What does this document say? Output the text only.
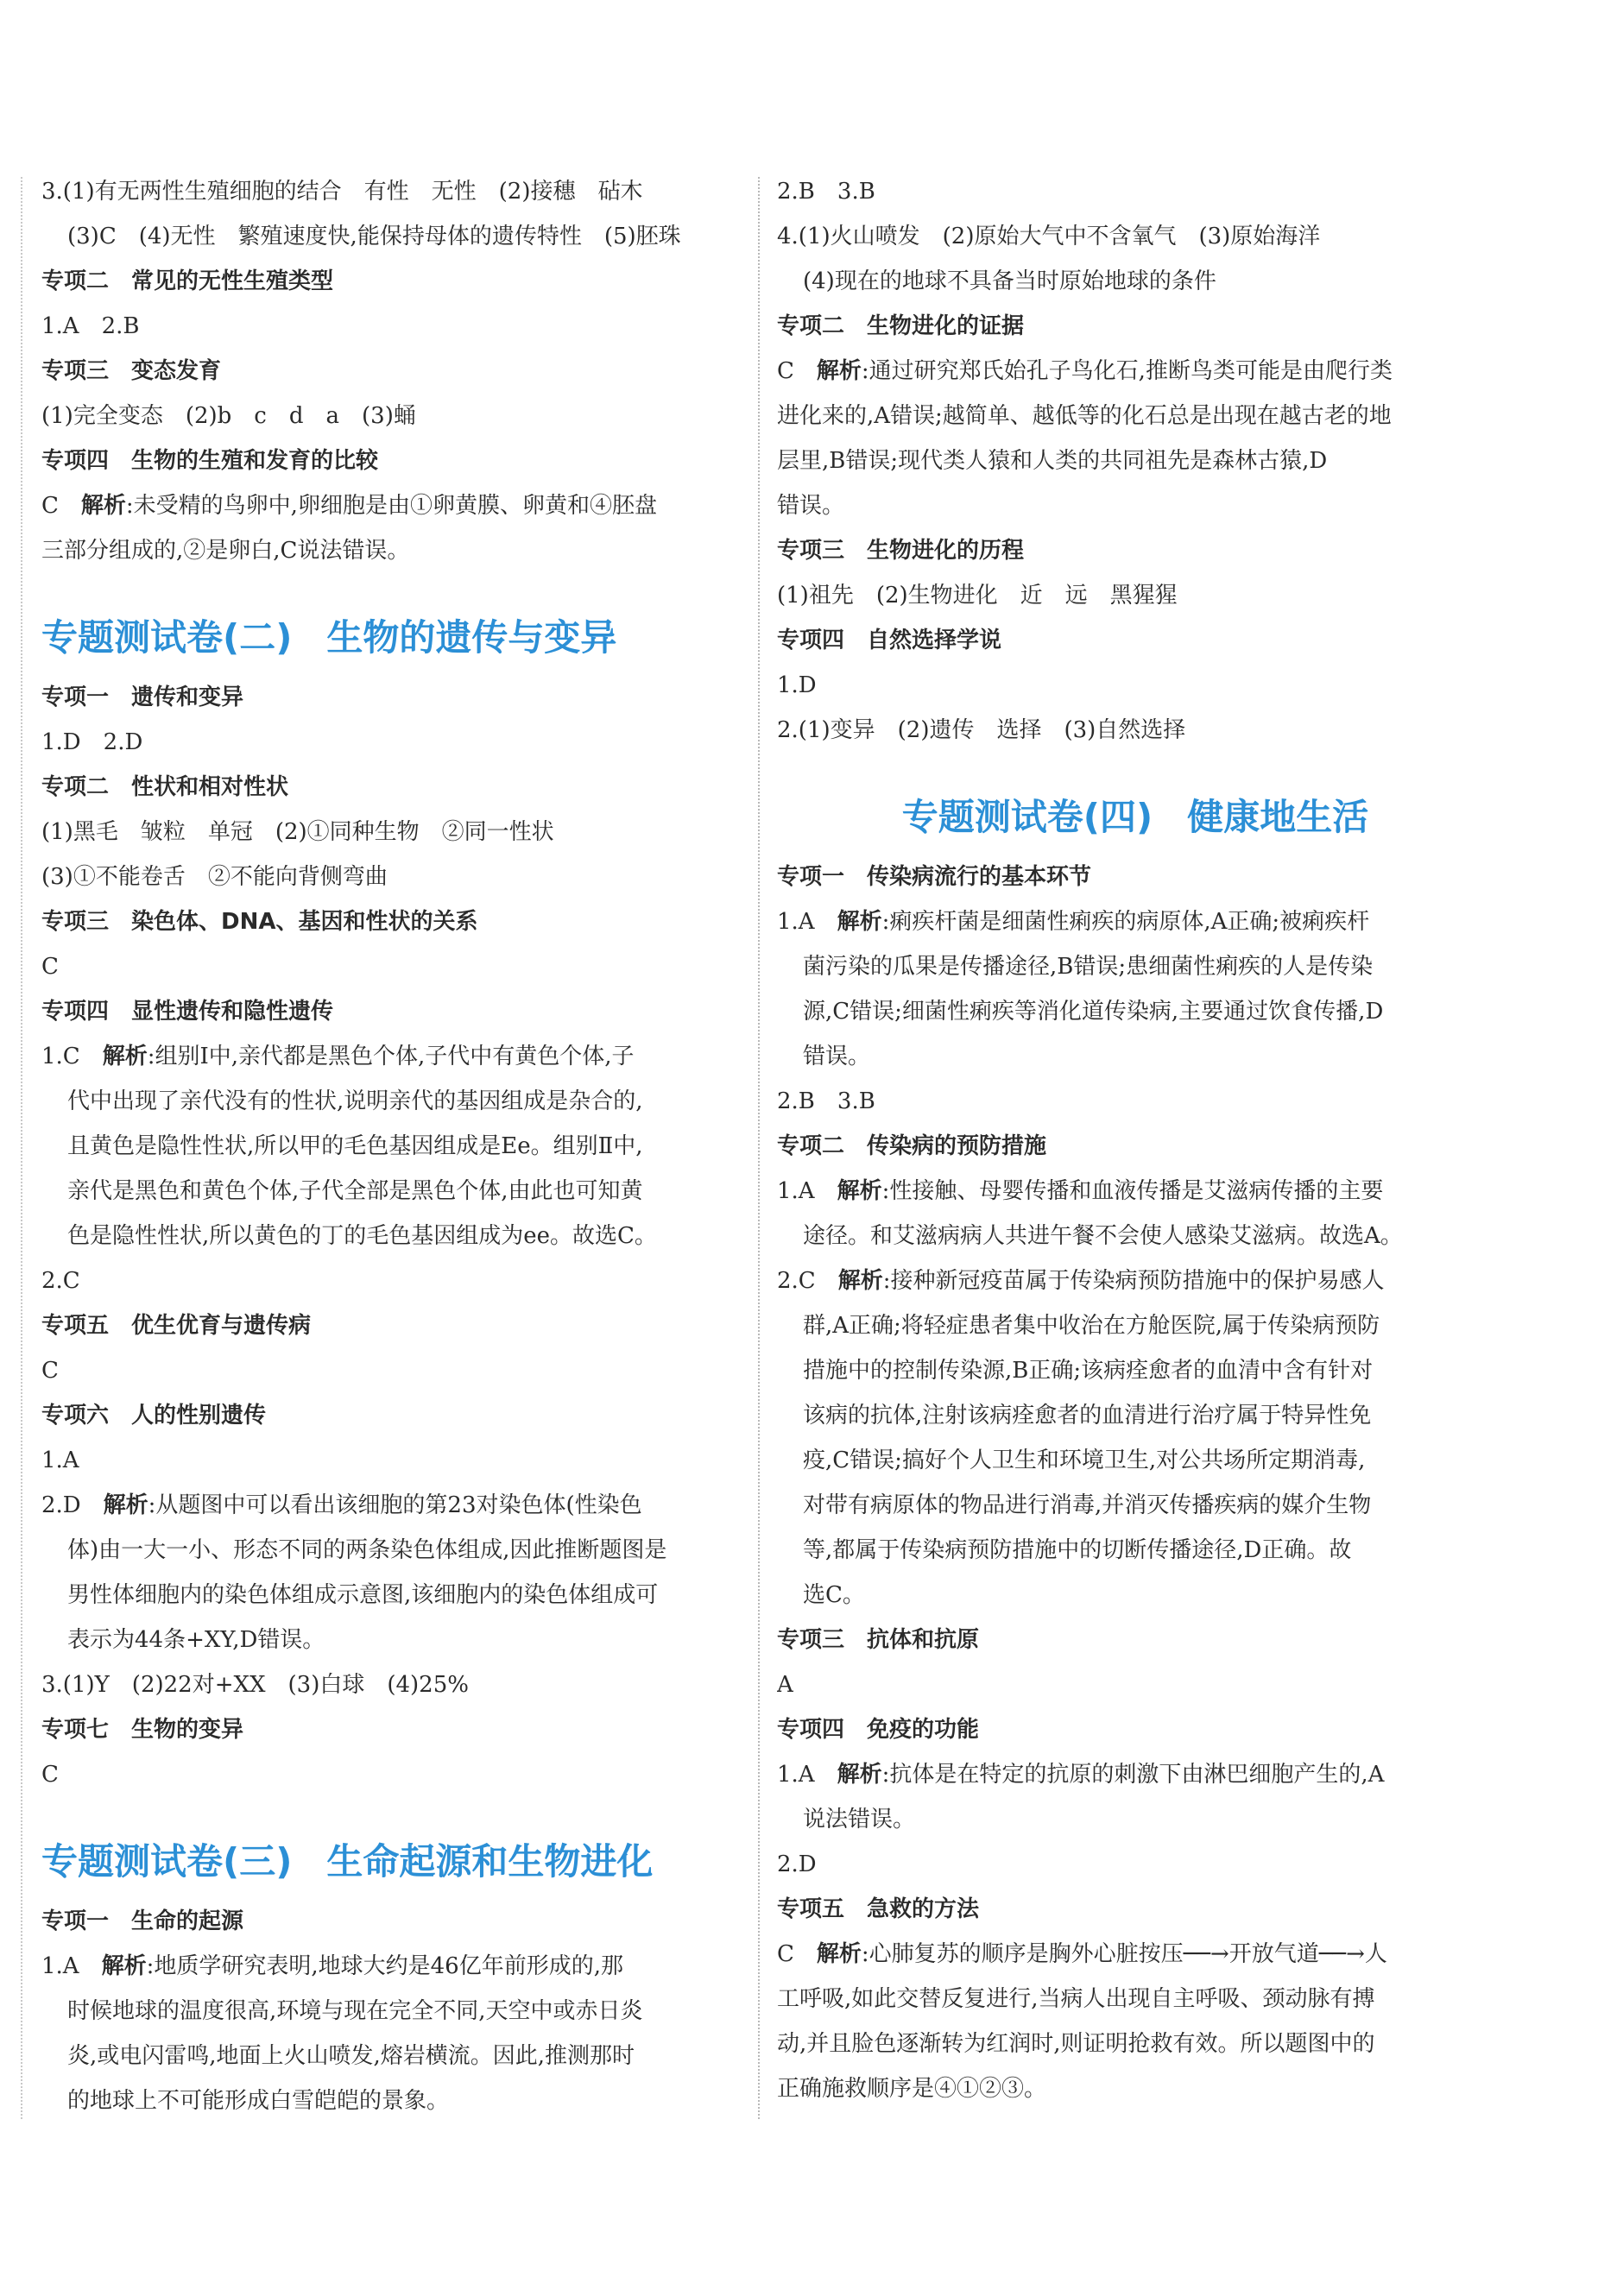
3.(1)有无两性生殖细胞的结合　有性　无性　(2)接穗　砧木
(3)C　(4)无性　繁殖速度快,能保持母体的遗传特性　(5)胚珠
专项二　常见的无性生殖类型
1.A　2.B
专项三　变态发育
(1)完全变态　(2)b　c　d　a　(3)蛹
专项四　生物的生殖和发育的比较
C　解析:未受精的鸟卵中,卵细胞是由①卵黄膜、卵黄和④胚盘
三部分组成的,②是卵白,C说法错误。
专题测试卷(二) 生物的遗传与变异
专项一　遗传和变异
1.D　2.D
专项二　性状和相对性状
(1)黑毛　皱粒　单冠　(2)①同种生物　②同一性状
(3)①不能卷舌　②不能向背侧弯曲
专项三　染色体、DNA、基因和性状的关系
C
专项四　显性遗传和隐性遗传
1.C　解析:组别Ⅰ中,亲代都是黑色个体,子代中有黄色个体,子
代中出现了亲代没有的性状,说明亲代的基因组成是杂合的,
且黄色是隐性性状,所以甲的毛色基因组成是Ee。组别Ⅱ中,
亲代是黑色和黄色个体,子代全部是黑色个体,由此也可知黄
色是隐性性状,所以黄色的丁的毛色基因组成为ee。故选C。
2.C
专项五　优生优育与遗传病
C
专项六　人的性别遗传
1.A
2.D　解析:从题图中可以看出该细胞的第23对染色体(性染色
体)由一大一小、形态不同的两条染色体组成,因此推断题图是
男性体细胞内的染色体组成示意图,该细胞内的染色体组成可
表示为44条+XY,D错误。
3.(1)Y　(2)22对+XX　(3)白球　(4)25%
专项七　生物的变异
C
专题测试卷(三) 生命起源和生物进化
专项一　生命的起源
1.A　解析:地质学研究表明,地球大约是46亿年前形成的,那
时候地球的温度很高,环境与现在完全不同,天空中或赤日炎
炎,或电闪雷鸣,地面上火山喷发,熔岩横流。因此,推测那时
的地球上不可能形成白雪皑皑的景象。
2.B　3.B
4.(1)火山喷发　(2)原始大气中不含氧气　(3)原始海洋
(4)现在的地球不具备当时原始地球的条件
专项二　生物进化的证据
C　解析:通过研究郑氏始孔子鸟化石,推断鸟类可能是由爬行类
进化来的,A错误;越简单、越低等的化石总是出现在越古老的地
层里,B错误;现代类人猿和人类的共同祖先是森林古猿,D
错误。
专项三　生物进化的历程
(1)祖先　(2)生物进化　近　远　黑猩猩
专项四　自然选择学说
1.D
2.(1)变异　(2)遗传　选择　(3)自然选择
专题测试卷(四) 健康地生活
专项一　传染病流行的基本环节
1.A　解析:痢疾杆菌是细菌性痢疾的病原体,A正确;被痢疾杆
菌污染的瓜果是传播途径,B错误;患细菌性痢疾的人是传染
源,C错误;细菌性痢疾等消化道传染病,主要通过饮食传播,D
错误。
2.B　3.B
专项二　传染病的预防措施
1.A　解析:性接触、母婴传播和血液传播是艾滋病传播的主要
途径。和艾滋病病人共进午餐不会使人感染艾滋病。故选A。
2.C　解析:接种新冠疫苗属于传染病预防措施中的保护易感人
群,A正确;将轻症患者集中收治在方舱医院,属于传染病预防
措施中的控制传染源,B正确;该病痊愈者的血清中含有针对
该病的抗体,注射该病痊愈者的血清进行治疗属于特异性免
疫,C错误;搞好个人卫生和环境卫生,对公共场所定期消毒,
对带有病原体的物品进行消毒,并消灭传播疾病的媒介生物
等,都属于传染病预防措施中的切断传播途径,D正确。故
选C。
专项三　抗体和抗原
A
专项四　免疫的功能
1.A　解析:抗体是在特定的抗原的刺激下由淋巴细胞产生的,A
说法错误。
2.D
专项五　急救的方法
C　解析:心肺复苏的顺序是胸外心脏按压──→开放气道──→人
工呼吸,如此交替反复进行,当病人出现自主呼吸、颈动脉有搏
动,并且脸色逐渐转为红润时,则证明抢救有效。所以题图中的
正确施救顺序是④①②③。
